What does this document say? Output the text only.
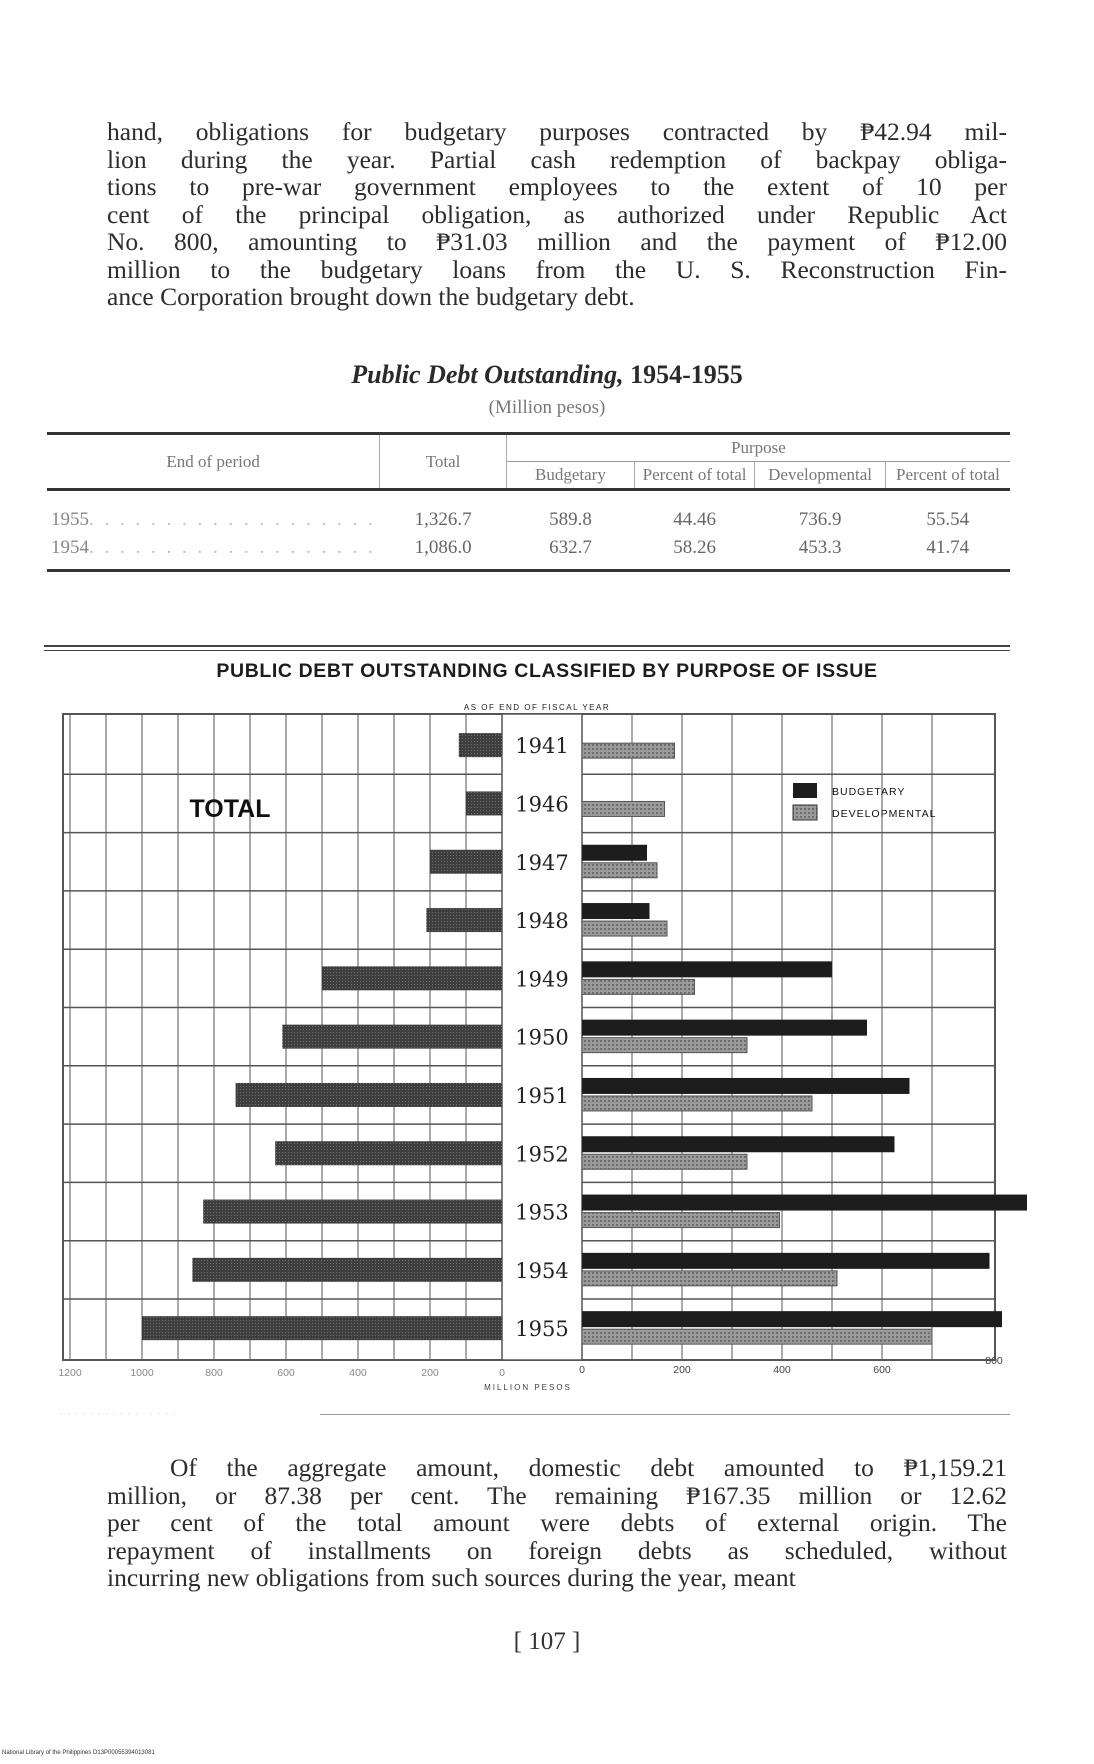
hand, obligations for budgetary purposes contracted by ₱42.94 mil-
lion during the year. Partial cash redemption of backpay obliga-
tions to pre-war government employees to the extent of 10 per
cent of the principal obligation, as authorized under Republic Act
No. 800, amounting to ₱31.03 million and the payment of ₱12.00
million to the budgetary loans from the U. S. Reconstruction Fin-
ance Corporation brought down the budgetary debt.

Public Debt Outstanding, 1954-1955
(Million pesos)
End of period	Total	Purpose			
		Budgetary	Percent of total	Developmental	Percent of total
1955. . . . . . . . . . . . . . . . . . .	1,326.7	589.8	44.46	736.9	55.54
1954. . . . . . . . . . . . . . . . . . .	1,086.0	632.7	58.26	453.3	41.74
PUBLIC DEBT OUTSTANDING CLASSIFIED BY PURPOSE OF ISSUE
AS OF END OF FISCAL YEAR
1941
1946
1947
1948
1949
1950
1951
1952
1953
1954
1955
TOTAL
BUDGETARY
DEVELOPMENTAL
1200	1000	800	600	400	200	0	0	200	400	600
800
MILLION PESOS
· · · · · · · · · · · · · · · ·

Of the aggregate amount, domestic debt amounted to ₱1,159.21
million, or 87.38 per cent. The remaining ₱167.35 million or 12.62
per cent of the total amount were debts of external origin. The
repayment of installments on foreign debts as scheduled, without
incurring new obligations from such sources during the year, meant

[ 107 ]
National Library of the Philippines D13P00055394013081
